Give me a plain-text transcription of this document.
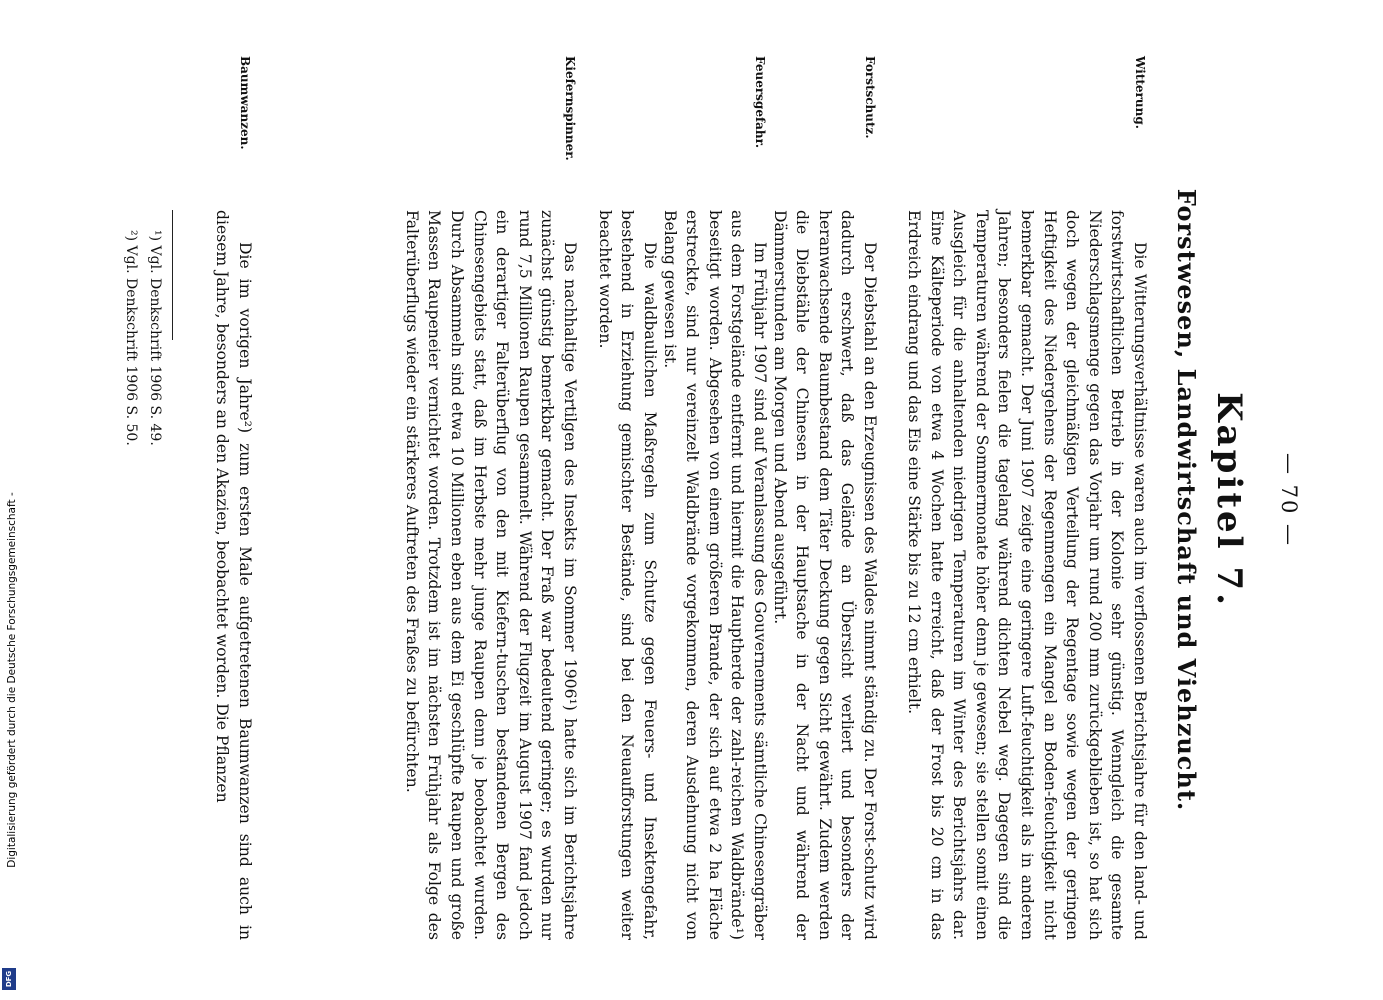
Digitalisierung gefördert durch die Deutsche Forschungsgemeinschaft -
DFG
— 70 —
Kapitel 7.
Forstwesen, Landwirtschaft und Viehzucht.
Witterung.

Die Witterungsverhältnisse waren auch im verflossenen Berichtsjahre für den land- und forstwirtschaftlichen Betrieb in der Kolonie sehr günstig. Wenngleich die gesamte Niederschlagsmenge gegen das Vorjahr um rund 200 mm zurückgeblieben ist, so hat sich doch wegen der gleichmäßigen Verteilung der Regentage sowie wegen der geringen Heftigkeit des Niedergehens der Regenmengen ein Mangel an Boden-feuchtigkeit nicht bemerkbar gemacht. Der Juni 1907 zeigte eine geringere Luft-feuchtigkeit als in anderen Jahren; besonders fielen die tagelang während dichten Nebel weg. Dagegen sind die Temperaturen während der Sommermonate höher denn je gewesen; sie stellen somit einen Ausgleich für die anhaltenden niedrigen Temperaturen im Winter des Berichtsjahrs dar. Eine Kälteperiode von etwa 4 Wochen hatte erreicht, daß der Frost bis 20 cm in das Erdreich eindrang und das Eis eine Stärke bis zu 12 cm erhielt.

Forstschutz.

Der Diebstahl an den Erzeugnissen des Waldes nimmt ständig zu. Der Forst-schutz wird dadurch erschwert, daß das Gelände an Übersicht verliert und besonders der heranwachsende Baumbestand dem Täter Deckung gegen Sicht gewährt. Zudem werden die Diebstähle der Chinesen in der Hauptsache in der Nacht und während der Dämmerstunden am Morgen und Abend ausgeführt.

Feuersgefahr.

Im Frühjahr 1907 sind auf Veranlassung des Gouvernements sämtliche Chinesengräber aus dem Forstgelände entfernt und hiermit die Hauptherde der zahl-reichen Waldbrände¹) beseitigt worden. Abgesehen von einem größeren Brande, der sich auf etwa 2 ha Fläche erstreckte, sind nur vereinzelt Waldbrände vorgekommen, deren Ausdehnung nicht von Belang gewesen ist.

Die waldbaulichen Maßregeln zum Schutze gegen Feuers- und Insektengefahr, bestehend in Erziehung gemischter Bestände, sind bei den Neuaufforstungen weiter beachtet worden.

Kiefernspinner.

Das nachhaltige Vertilgen des Insekts im Sommer 1906¹) hatte sich im Berichtsjahre zunächst günstig bemerkbar gemacht. Der Fraß war bedeutend geringer; es wurden nur rund 7,5 Millionen Raupen gesammelt. Während der Flugzeit im August 1907 fand jedoch ein derartiger Falterüberflug von den mit Kiefern-tuschen bestandenen Bergen des Chinesengebiets statt, daß im Herbste mehr junge Raupen denn je beobachtet wurden. Durch Absammeln sind etwa 10 Millionen eben aus dem Ei geschlüpfte Raupen und große Massen Raupeneier vernichtet worden. Trotzdem ist im nächsten Frühjahr als Folge des Falterüberflugs wieder ein stärkeres Auftreten des Fraßes zu befürchten.

Baumwanzen.

Die im vorigen Jahre²) zum ersten Male aufgetretenen Baumwanzen sind auch in diesem Jahre, besonders an den Akazien, beobachtet worden. Die Pflanzen

¹) Vgl. Denkschrift 1906 S. 49.
²) Vgl. Denkschrift 1906 S. 50.
